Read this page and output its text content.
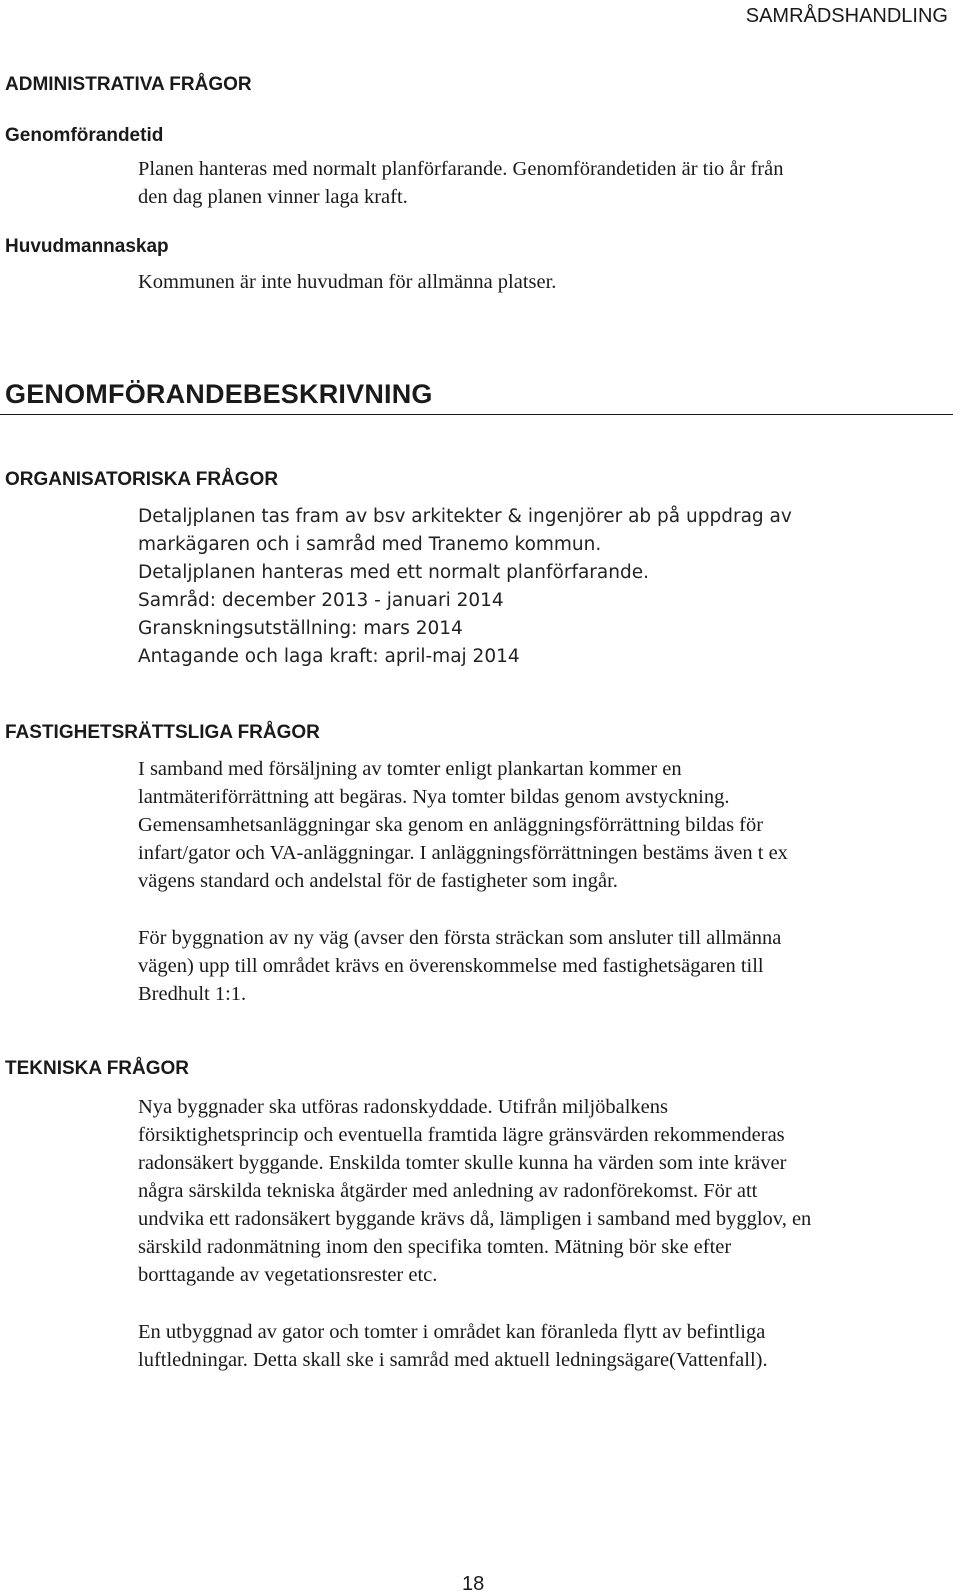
SAMRÅDSHANDLING
ADMINISTRATIVA FRÅGOR
Genomförandetid
Planen hanteras med normalt planförfarande. Genomförandetiden är tio år från
den dag planen vinner laga kraft.
Huvudmannaskap
Kommunen är inte huvudman för allmänna platser.
GENOMFÖRANDEBESKRIVNING
ORGANISATORISKA FRÅGOR
Detaljplanen tas fram av bsv arkitekter & ingenjörer ab på uppdrag av
markägaren och i samråd med Tranemo kommun.
Detaljplanen hanteras med ett normalt planförfarande.
Samråd: december 2013 - januari 2014
Granskningsutställning: mars 2014
Antagande och laga kraft: april-maj 2014
FASTIGHETSRÄTTSLIGA FRÅGOR
I samband med försäljning av tomter enligt plankartan kommer en
lantmäteriförrättning att begäras. Nya tomter bildas genom avstyckning.
Gemensamhetsanläggningar ska genom en anläggningsförrättning bildas för
infart/gator och VA-anläggningar. I anläggningsförrättningen bestäms även t ex
vägens standard och andelstal för de fastigheter som ingår.
För byggnation av ny väg (avser den första sträckan som ansluter till allmänna
vägen) upp till området krävs en överenskommelse med fastighetsägaren till
Bredhult 1:1.
TEKNISKA FRÅGOR
Nya byggnader ska utföras radonskyddade. Utifrån miljöbalkens
försiktighetsprincip och eventuella framtida lägre gränsvärden rekommenderas
radonsäkert byggande. Enskilda tomter skulle kunna ha värden som inte kräver
några särskilda tekniska åtgärder med anledning av radonförekomst. För att
undvika ett radonsäkert byggande krävs då, lämpligen i samband med bygglov, en
särskild radonmätning inom den specifika tomten. Mätning bör ske efter
borttagande av vegetationsrester etc.
En utbyggnad av gator och tomter i området kan föranleda flytt av befintliga
luftledningar. Detta skall ske i samråd med aktuell ledningsägare(Vattenfall).
18
